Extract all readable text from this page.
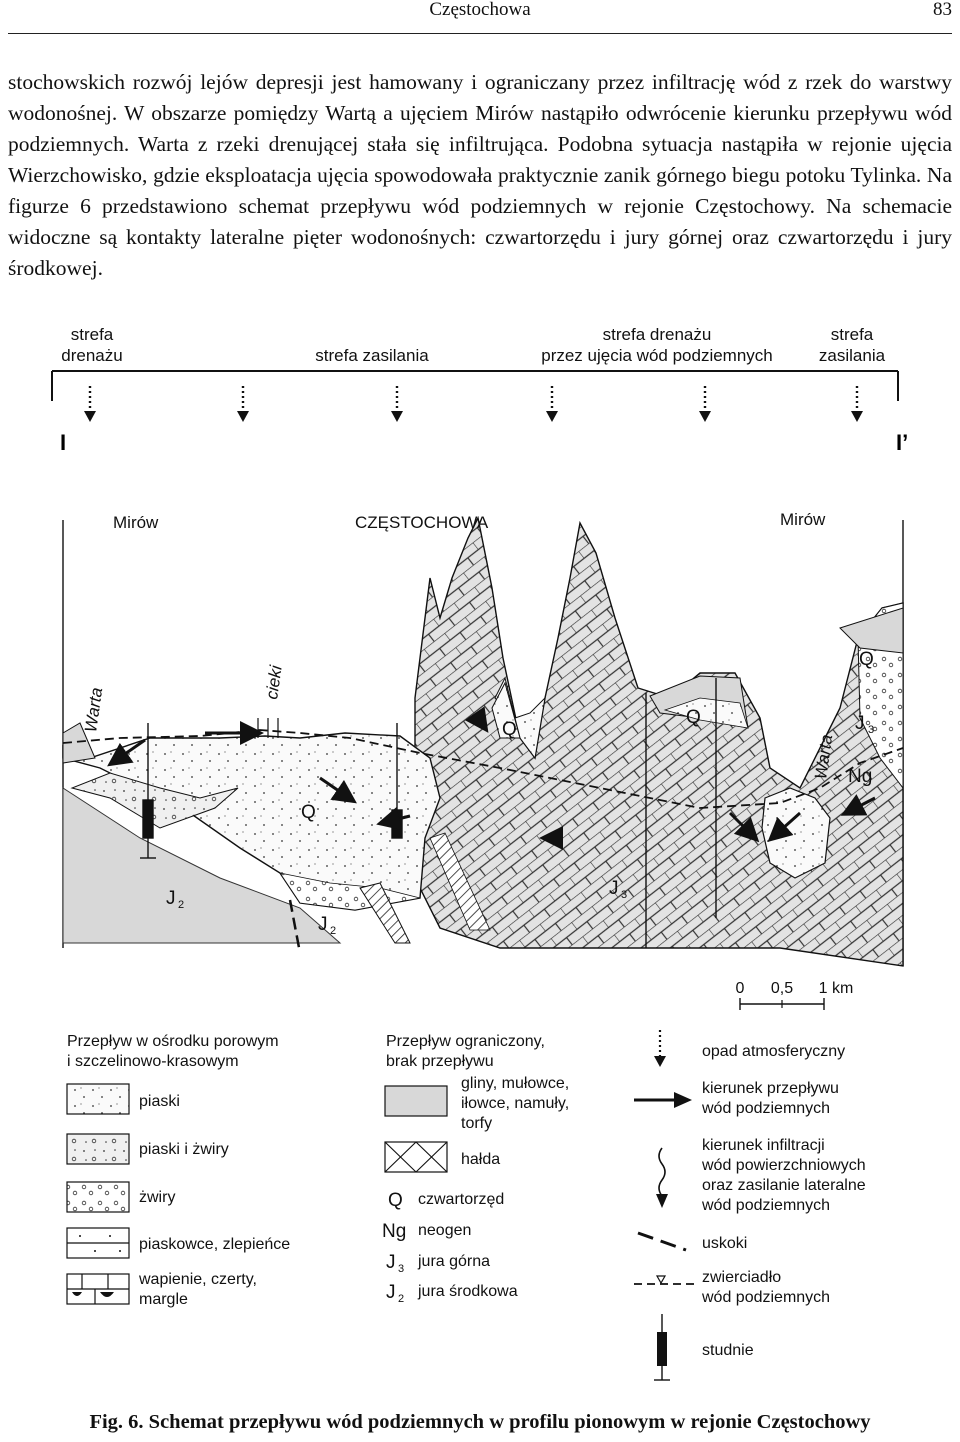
Częstochowa	83

stochowskich rozwój lejów depresji jest hamowany i ograniczany przez infiltrację wód z rzek do warstwy wodonośnej. W obszarze pomiędzy Wartą a ujęciem Mirów nastąpiło odwrócenie kierunku przepływu wód podziemnych. Warta z rzeki drenującej stała się infiltrująca. Podobna sytuacja nastąpiła w rejonie ujęcia Wierzchowisko, gdzie eksploatacja ujęcia spowodowała praktycznie zanik górnego biegu potoku Tylinka. Na figurze 6 przedstawiono schemat przepływu wód podziemnych w rejonie Częstochowy. Na schemacie widoczne są kontakty lateralne pięter wodonośnych: czwartorzędu i jury górnej oraz czwartorzędu i jury środkowej.

strefa
drenażu	strefa zasilania
strefa drenażu
przez ujęcia wód podziemnych
strefa
zasilania
I	I’
Mirów	CZĘSTOCHOWA	Mirów
Warta
cieki
Warta
Q
Q
Q
Q
Ng
J 3
J 3
J 2
J 2
0 0,5 1 km
Przepływ w ośrodku porowym
i szczelinowo-krasowym
piaski
piaski i żwiry
żwiry
piaskowce, zlepieńce
wapienie, czerty,
margle
Przepływ ograniczony,
brak przepływu
gliny, mułowce,
iłowce, namuły,
torfy
hałda
Q czwartorzęd
Ng neogen
J 3 jura górna
J 2 jura środkowa
opad atmosferyczny
kierunek przepływu
wód podziemnych
kierunek infiltracji
wód powierzchniowych
oraz zasilanie lateralne
wód podziemnych
uskoki
zwierciadło
wód podziemnych
studnie
Fig. 6. Schemat przepływu wód podziemnych w profilu pionowym w rejonie Częstochowy
